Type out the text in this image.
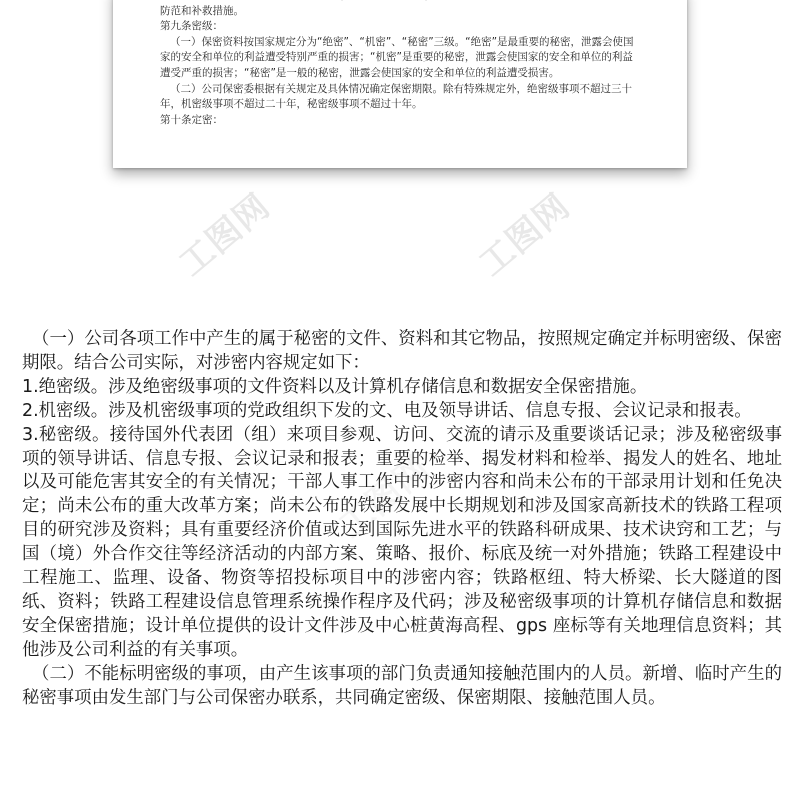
防范和补救措施。

第九条密级：

（一）保密资料按国家规定分为“绝密”、“机密”、“秘密”三级。“绝密”是最重要的秘密，泄露会使国家的安全和单位的利益遭受特别严重的损害；“机密”是重要的秘密，泄露会使国家的安全和单位的利益遭受严重的损害；“秘密”是一般的秘密，泄露会使国家的安全和单位的利益遭受损害。

（二）公司保密委根据有关规定及具体情况确定保密期限。除有特殊规定外，绝密级事项不超过三十年，机密级事项不超过二十年，秘密级事项不超过十年。

第十条定密：

工图网	工图网
工图网

（一）公司各项工作中产生的属于秘密的文件、资料和其它物品，按照规定确定并标明密级、保密期限。结合公司实际，对涉密内容规定如下：

1.绝密级。涉及绝密级事项的文件资料以及计算机存储信息和数据安全保密措施。

2.机密级。涉及机密级事项的党政组织下发的文、电及领导讲话、信息专报、会议记录和报表。

3.秘密级。接待国外代表团（组）来项目参观、访问、交流的请示及重要谈话记录；涉及秘密级事项的领导讲话、信息专报、会议记录和报表；重要的检举、揭发材料和检举、揭发人的姓名、地址以及可能危害其安全的有关情况；干部人事工作中的涉密内容和尚未公布的干部录用计划和任免决定；尚未公布的重大改革方案；尚未公布的铁路发展中长期规划和涉及国家高新技术的铁路工程项目的研究涉及资料；具有重要经济价值或达到国际先进水平的铁路科研成果、技术诀窍和工艺；与国（境）外合作交往等经济活动的内部方案、策略、报价、标底及统一对外措施；铁路工程建设中工程施工、监理、设备、物资等招投标项目中的涉密内容；铁路枢纽、特大桥梁、长大隧道的图纸、资料；铁路工程建设信息管理系统操作程序及代码；涉及秘密级事项的计算机存储信息和数据安全保密措施；设计单位提供的设计文件涉及中心桩黄海高程、gps 座标等有关地理信息资料；其他涉及公司利益的有关事项。

（二）不能标明密级的事项，由产生该事项的部门负责通知接触范围内的人员。新增、临时产生的秘密事项由发生部门与公司保密办联系，共同确定密级、保密期限、接触范围人员。
